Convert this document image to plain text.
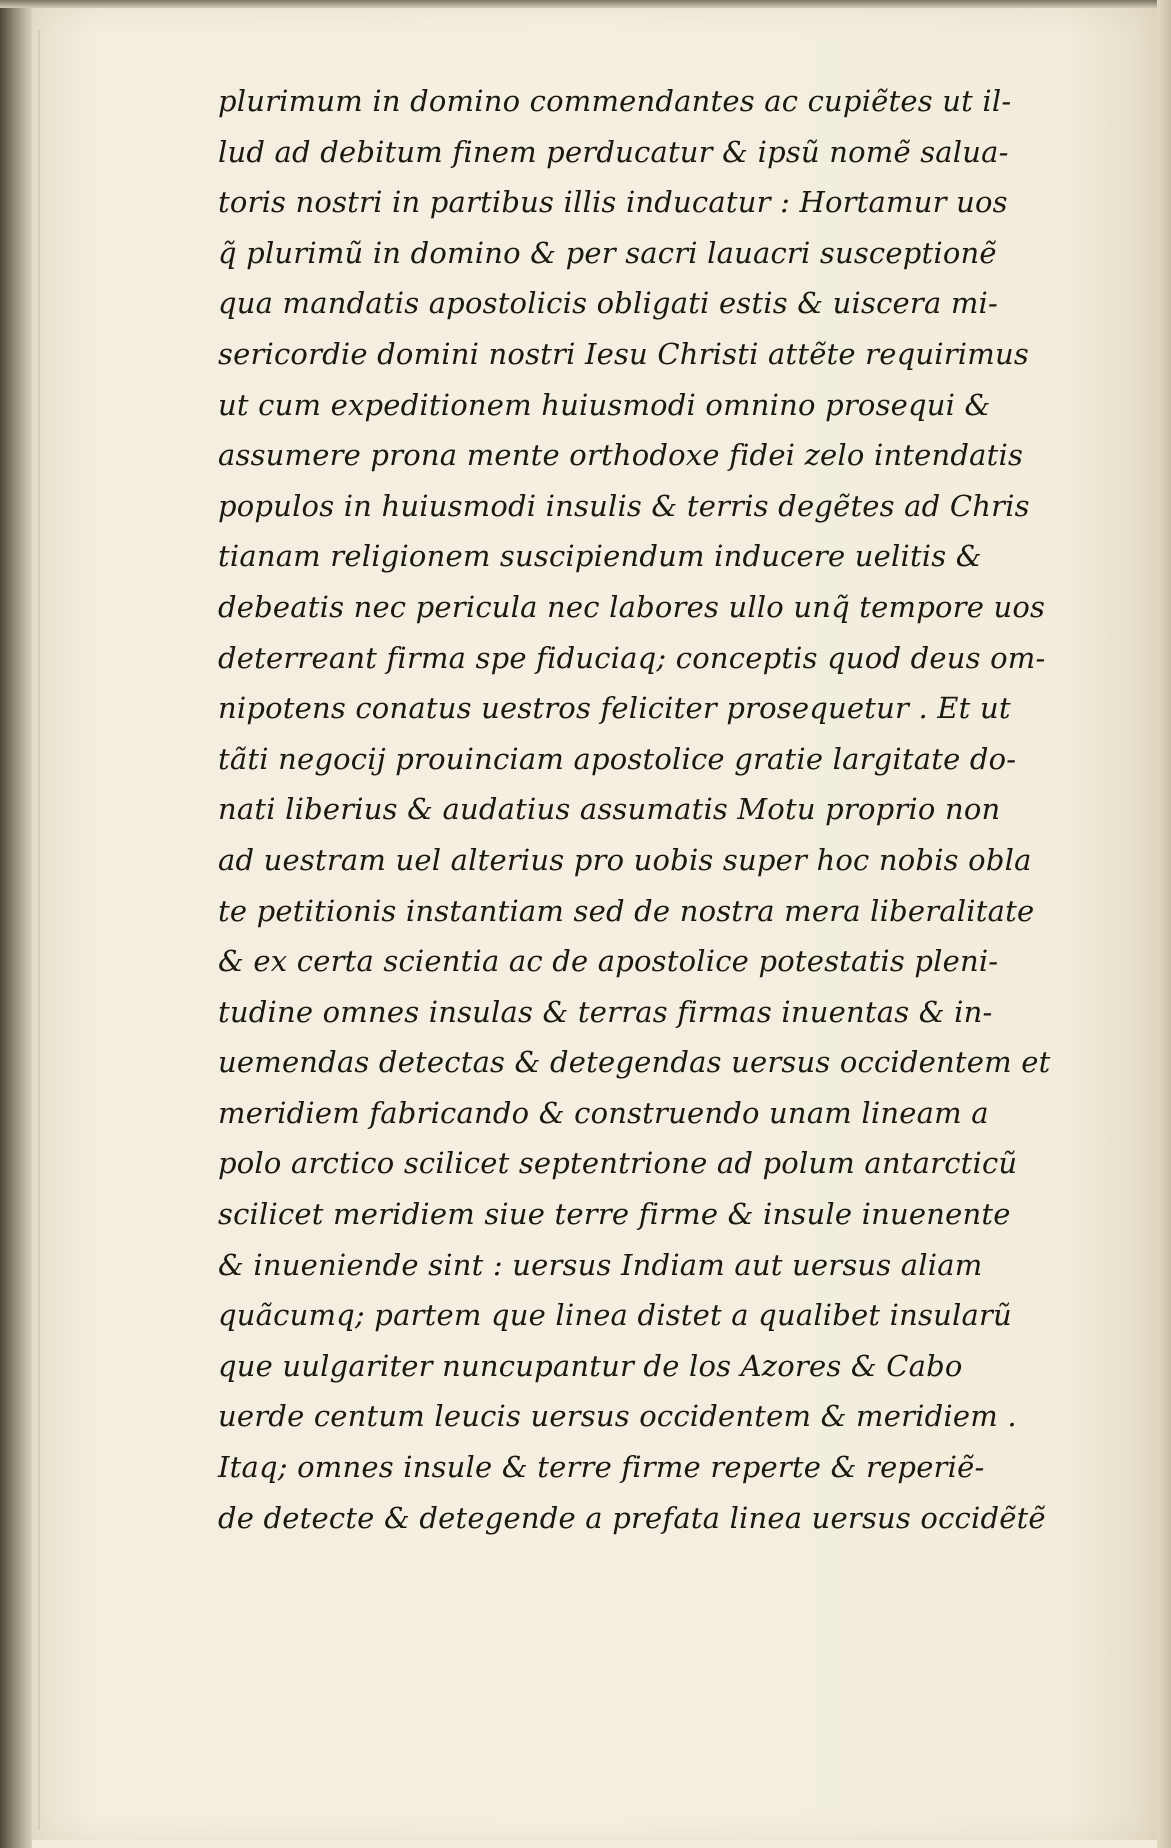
plurimum in domino commendantes ac cupiẽtes ut il-
lud ad debitum finem perducatur & ipsũ nomẽ salua-
toris nostri in partibus illis inducatur : Hortamur uos
q̃ plurimũ in domino & per sacri lauacri susceptionẽ
qua mandatis apostolicis obligati estis & uiscera mi-
sericordie domini nostri Iesu Christi attẽte requirimus
ut cum expeditionem huiusmodi omnino prosequi &
assumere prona mente orthodoxe fidei zelo intendatis
populos in huiusmodi insulis & terris degẽtes ad Chris
tianam religionem suscipiendum inducere uelitis &
debeatis nec pericula nec labores ullo unq̃ tempore uos
deterreant firma spe fiduciaq; conceptis quod deus om-
nipotens conatus uestros feliciter prosequetur . Et ut
tãti negocij prouinciam apostolice gratie largitate do-
nati liberius & audatius assumatis Motu proprio non
ad uestram uel alterius pro uobis super hoc nobis obla
te petitionis instantiam sed de nostra mera liberalitate
& ex certa scientia ac de apostolice potestatis pleni-
tudine omnes insulas & terras firmas inuentas & in-
uemendas detectas & detegendas uersus occidentem et
meridiem fabricando & construendo unam lineam a
polo arctico scilicet septentrione ad polum antarcticũ
scilicet meridiem siue terre firme & insule inuenente
& inueniende sint : uersus Indiam aut uersus aliam
quãcumq; partem que linea distet a qualibet insularũ
que uulgariter nuncupantur de los Azores & Cabo
uerde centum leucis uersus occidentem & meridiem .
Itaq; omnes insule & terre firme reperte & reperiẽ-
de detecte & detegende a prefata linea uersus occidẽtẽ
